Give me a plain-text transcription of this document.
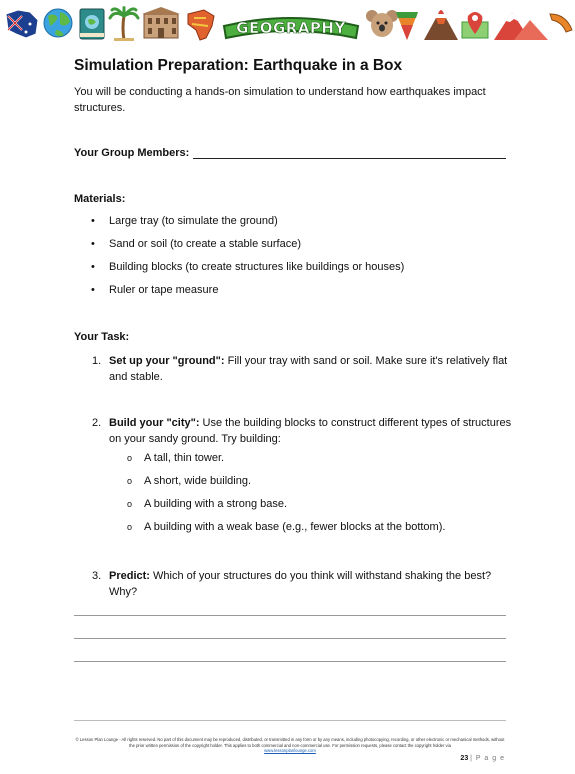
GEOGRAPHY
Simulation Preparation: Earthquake in a Box

You will be conducting a hands-on simulation to understand how earthquakes impact structures.

Your Group Members:
Materials:
•	Large tray (to simulate the ground)
•	Sand or soil (to create a stable surface)
•	Building blocks (to create structures like buildings or houses)
•	Ruler or tape measure
Your Task:
1. Set up your "ground": Fill your tray with sand or soil. Make sure it's relatively flat and stable.
2. Build your "city": Use the building blocks to construct different types of structures on your sandy ground. Try building:
o	A tall, thin tower.
o	A short, wide building.
o	A building with a strong base.
o	A building with a weak base (e.g., fewer blocks at the bottom).
3. Predict: Which of your structures do you think will withstand shaking the best? Why?
© Lesson Plan Lounge - All rights reserved. No part of this document may be reproduced, distributed, or transmitted in any form or by any means, including photocopying, recording, or other electronic or mechanical methods, without the prior written permission of the copyright holder. This applies to both commercial and non-commercial use. For permission requests, please contact the copyright holder via
www.lessonplanlounge.com
23 | P a g e
